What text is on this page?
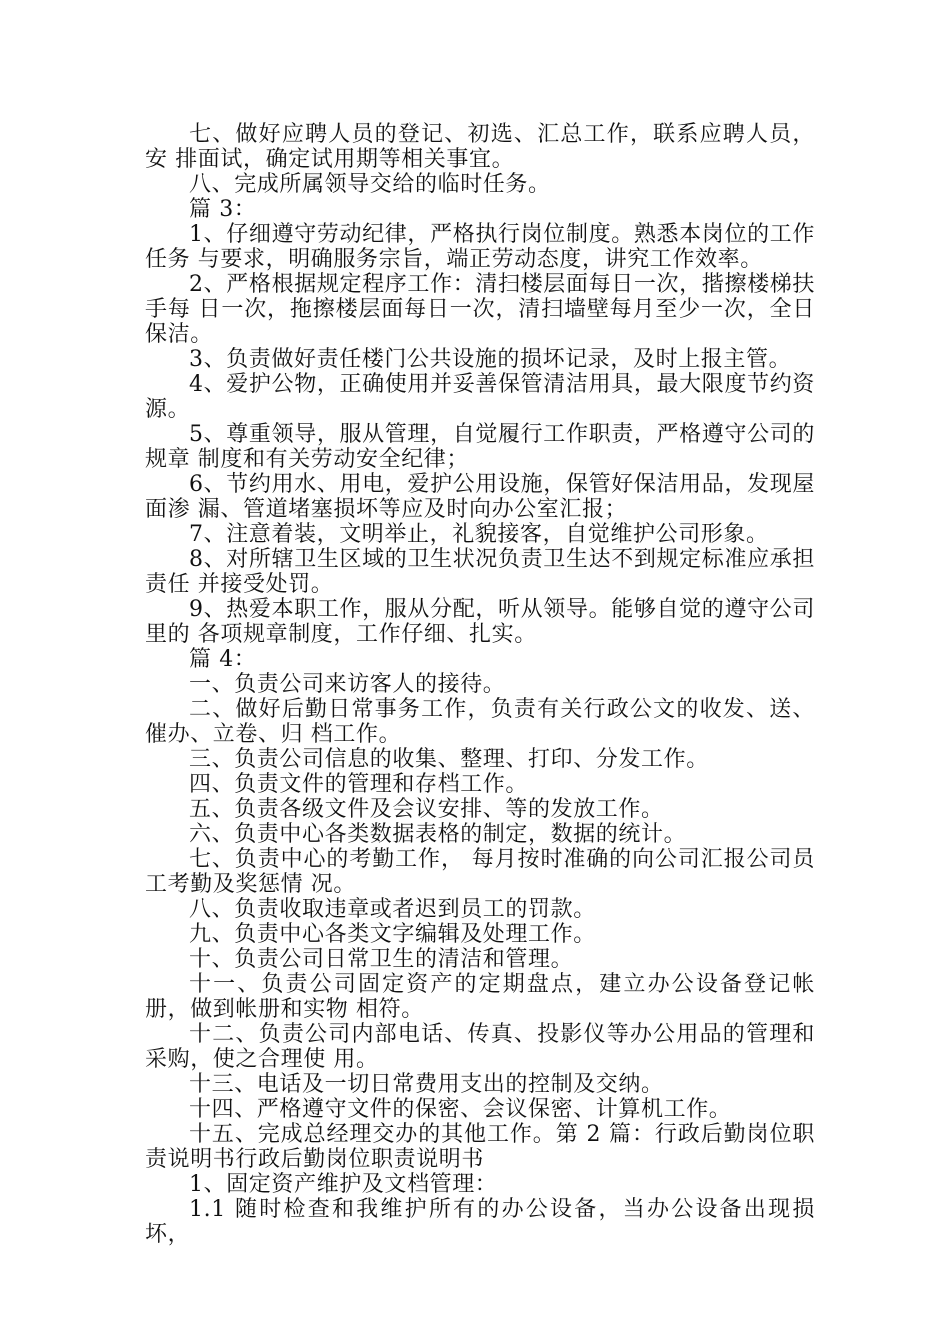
七、做好应聘人员的登记、初选、汇总工作，联系应聘人员，安 排面试，确定试用期等相关事宜。

八、完成所属领导交给的临时任务。

篇 3：

1、仔细遵守劳动纪律，严格执行岗位制度。熟悉本岗位的工作任务 与要求，明确服务宗旨，端正劳动态度，讲究工作效率。

2、严格根据规定程序工作：清扫楼层面每日一次，揩擦楼梯扶手每 日一次，拖擦楼层面每日一次，清扫墙壁每月至少一次，全日保洁。

3、负责做好责任楼门公共设施的损坏记录，及时上报主管。

4、爱护公物，正确使用并妥善保管清洁用具，最大限度节约资源。

5、尊重领导，服从管理，自觉履行工作职责，严格遵守公司的规章 制度和有关劳动安全纪律；

6、节约用水、用电，爱护公用设施，保管好保洁用品，发现屋面渗 漏、管道堵塞损坏等应及时向办公室汇报；

7、注意着装，文明举止，礼貌接客，自觉维护公司形象。

8、对所辖卫生区域的卫生状况负责卫生达不到规定标准应承担责任 并接受处罚。

9、热爱本职工作，服从分配，听从领导。能够自觉的遵守公司里的 各项规章制度，工作仔细、扎实。

篇 4：

一、负责公司来访客人的接待。

二、做好后勤日常事务工作，负责有关行政公文的收发、送、催办、立卷、归 档工作。

三、负责公司信息的收集、整理、打印、分发工作。

四、负责文件的管理和存档工作。

五、负责各级文件及会议安排、等的发放工作。

六、负责中心各类数据表格的制定，数据的统计。

七、负责中心的考勤工作， 每月按时准确的向公司汇报公司员工考勤及奖惩情 况。

八、负责收取违章或者迟到员工的罚款。

九、负责中心各类文字编辑及处理工作。

十、负责公司日常卫生的清洁和管理。

十一、负责公司固定资产的定期盘点，建立办公设备登记帐册，做到帐册和实物 相符。

十二、负责公司内部电话、传真、投影仪等办公用品的管理和采购，使之合理使 用。

十三、电话及一切日常费用支出的控制及交纳。

十四、严格遵守文件的保密、会议保密、计算机工作。

十五、完成总经理交办的其他工作。第 2 篇：行政后勤岗位职责说明书行政后勤岗位职责说明书

1、固定资产维护及文档管理：

1.1 随时检查和我维护所有的办公设备，当办公设备出现损坏，
